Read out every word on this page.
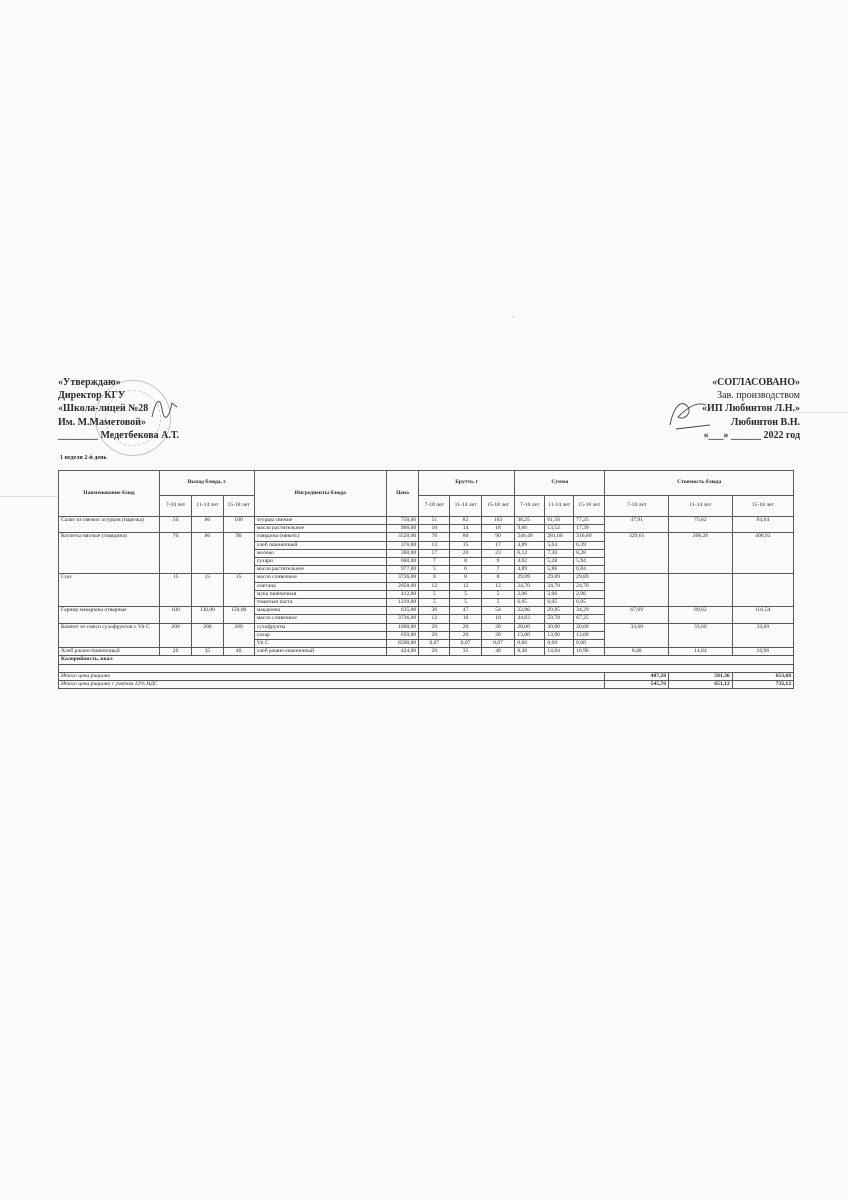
«Утверждаю»
Директор КГУ
«Школа-лицей №28
Им. М.Маметовой»
________ Медетбекова А.Т.
«СОГЛАСОВАНО»
Зав. производством
«ИП Любинтон Л.Н.»
Любинтон В.Н.
«___» ______ 2022 год
1 неделя 2-й день
Наименование блюд	Выход блюда, г			Ингредиенты блюда	Цена	Брутто, г			Сумма			Стоимость блюда		
	7-10 лет	11-14 лет	15-18 лет			7-10 лет	11-14 лет	15-18 лет	7-10 лет	11-14 лет	15-18 лет	7-10 лет	11-14 лет	15-18 лет
Салат из свежих огурцов (нарезка)	50	80	100	огурцы свежие	750,00	51	82	103	38,25	61,50	77,25	47,91	75,62	94,64
				масло растительное	966,00	10	14	18	9,66	13,52	17,39			
Котлеты мясные (говядина)	70	80	90	говядина (мякоть)	3520,00	70	80	90	246,40	281,60	316,80	329,61	368,28	406,93
				хлеб пшеничный	376,00	13	15	17	4,89	5,64	6,39			
				молоко	360,00	17	20	23	6,12	7,20	8,28			
				сухари	660,00	7	8	9	4,62	5,28	5,94			
				масло растительное	977,00	5	6	7	4,89	5,86	6,84			
Соус	15	15	15	масло сливочное	3736,00	8	8	8	29,89	29,89	29,89			
				сметана	2058,00	12	12	12	24,70	24,70	24,70			
				мука пшеничная	412,00	5	5	5	2,06	2,06	2,06			
				томатная паста	1210,00	5	5	5	6,05	6,05	6,05			
Гарнир макароны отварные	100	130,00	150,00	макароны	635,00	36	47	54	22,86	29,85	34,29	67,69	89,62	101,54
				масло сливочное	3736,00	12	16	18	44,83	59,78	67,25			
Компот из смеси сухофруктов с Vit C	200	200	200	сухофрукты	1000,00	20	20	20	20,00	20,00	20,00	33,60	33,60	33,60
				сахар	650,00	20	20	20	13,00	13,00	13,00			
				Vit C	8500,00	0,07	0,07	0,07	0,60	0,60	0,60			
Хлеб ржано-пшеничный	20	35	40	хлеб ржано-пшеничный	424,00	20	35	40	8,48	14,84	16,96	8,48	14,84	16,96
Калорийность, ккал														

Итого цена рациона												487,28	581,36	653,68
Итого цена рациона с учетом 12% НДС												545,76	651,12	732,12
